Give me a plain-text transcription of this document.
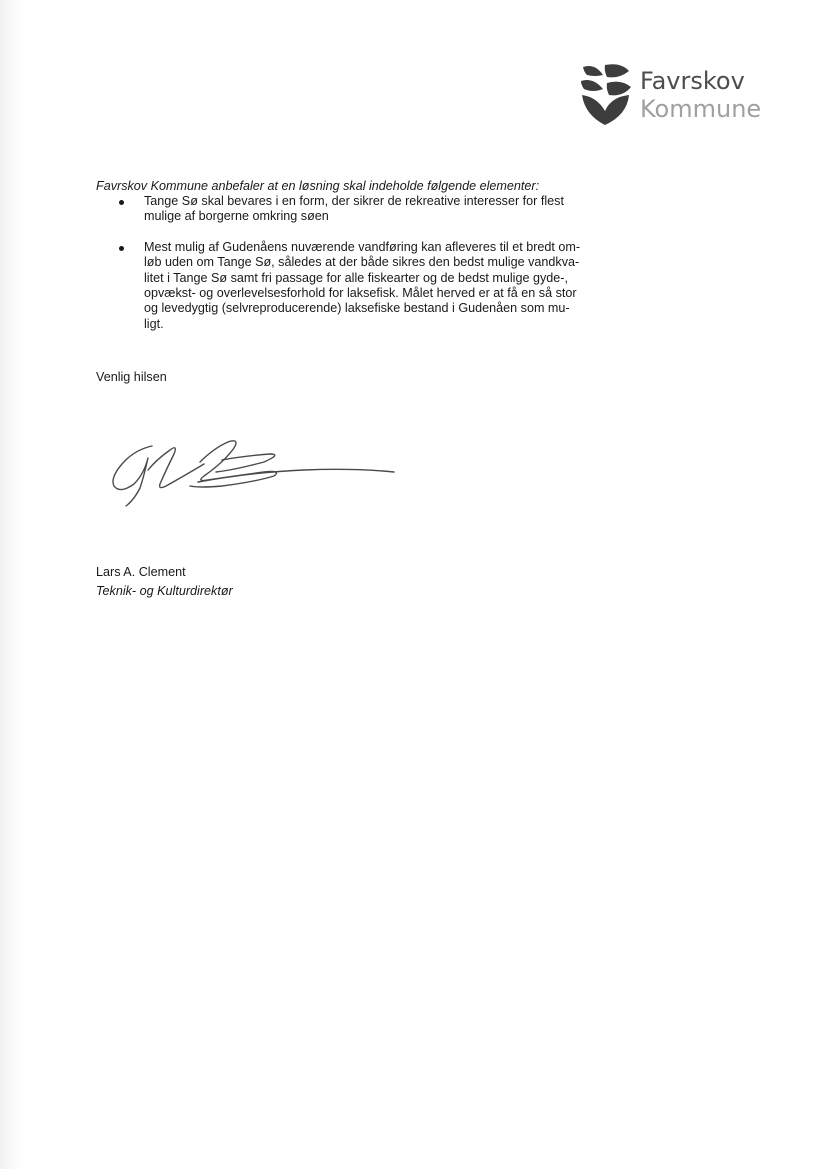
Favrskov
Kommune
Favrskov Kommune anbefaler at en løsning skal indeholde følgende elementer:
Tange Sø skal bevares i en form, der sikrer de rekreative interesser for flest
mulige af borgerne omkring søen
Mest mulig af Gudenåens nuværende vandføring kan afleveres til et bredt om-
løb uden om Tange Sø, således at der både sikres den bedst mulige vandkva-
litet i Tange Sø samt fri passage for alle fiskearter og de bedst mulige gyde-,
opvækst- og overlevelsesforhold for laksefisk. Målet herved er at få en så stor
og levedygtig (selvreproducerende) laksefiske bestand i Gudenåen som mu-
ligt.
Venlig hilsen
Lars A. Clement
Teknik- og Kulturdirektør
